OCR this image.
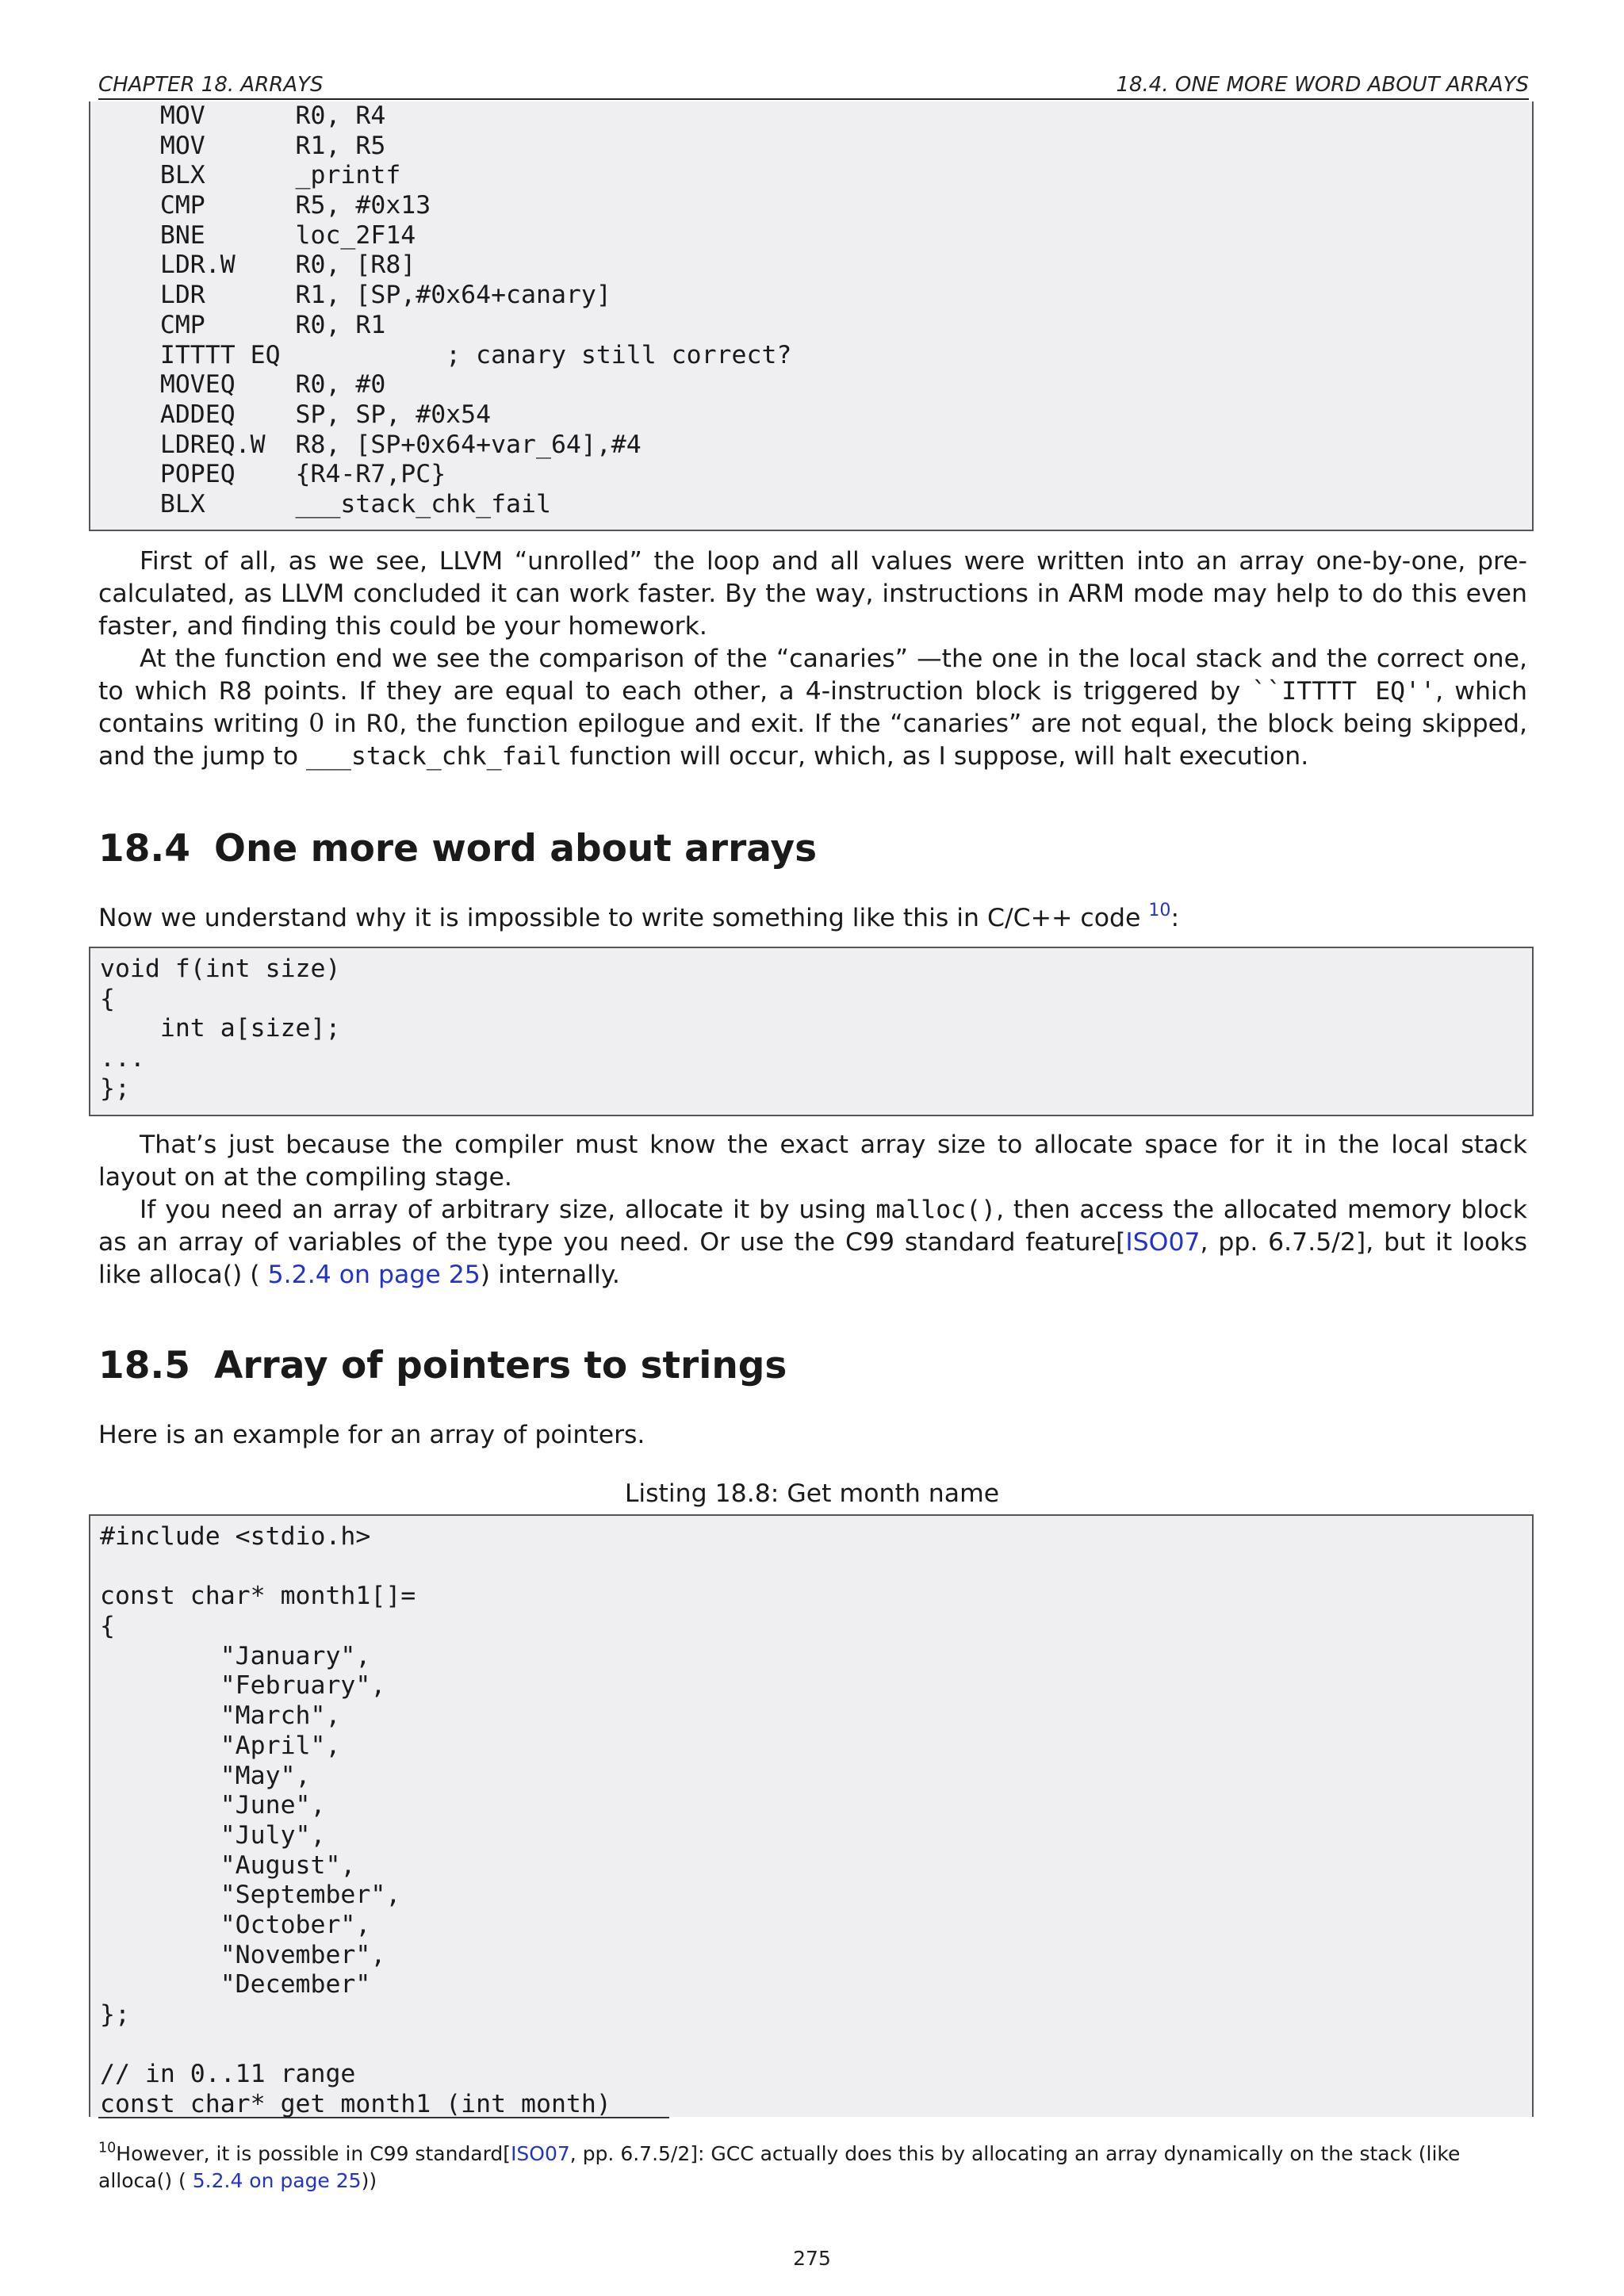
CHAPTER 18. ARRAYS	18.4. ONE MORE WORD ABOUT ARRAYS
MOV      R0, R4
MOV      R1, R5
BLX      _printf
CMP      R5, #0x13
BNE      loc_2F14
LDR.W    R0, [R8]
LDR      R1, [SP,#0x64+canary]
CMP      R0, R1
ITTTT EQ           ; canary still correct?
MOVEQ    R0, #0
ADDEQ    SP, SP, #0x54
LDREQ.W  R8, [SP+0x64+var_64],#4
POPEQ    {R4-R7,PC}
BLX      ___stack_chk_fail

First of all, as we see, LLVM “unrolled” the loop and all values were written into an array one-by-one, pre-calculated, as LLVM concluded it can work faster. By the way, instructions in ARM mode may help to do this even faster, and finding this could be your homework.

At the function end we see the comparison of the “canaries” —the one in the local stack and the correct one, to which R8 points. If they are equal to each other, a 4-instruction block is triggered by ``ITTTT EQ'', which contains writing 0 in R0, the function epilogue and exit. If the “canaries” are not equal, the block being skipped, and the jump to ___stack_chk_fail function will occur, which, as I suppose, will halt execution.

18.4 One more word about arrays

Now we understand why it is impossible to write something like this in C/C++ code $^{10}$:

void f(int size)
{
int a[size];
...
};

That’s just because the compiler must know the exact array size to allocate space for it in the local stack layout on at the compiling stage.

If you need an array of arbitrary size, allocate it by using malloc(), then access the allocated memory block as an array of variables of the type you need. Or use the C99 standard feature[ISO07, pp. 6.7.5/2], but it looks like alloca() ( 5.2.4 on page 25) internally.

18.5 Array of pointers to strings

Here is an example for an array of pointers.

Listing 18.8: Get month name
#include <stdio.h>
const char* month1[]=
{
"January",
"February",
"March",
"April",
"May",
"June",
"July",
"August",
"September",
"October",
"November",
"December"
};
// in 0..11 range
const char* get_month1 (int month)

$^{10}$However, it is possible in C99 standard[ISO07, pp. 6.7.5/2]: GCC actually does this by allocating an array dynamically on the stack (like alloca() ( 5.2.4 on page 25))

275
